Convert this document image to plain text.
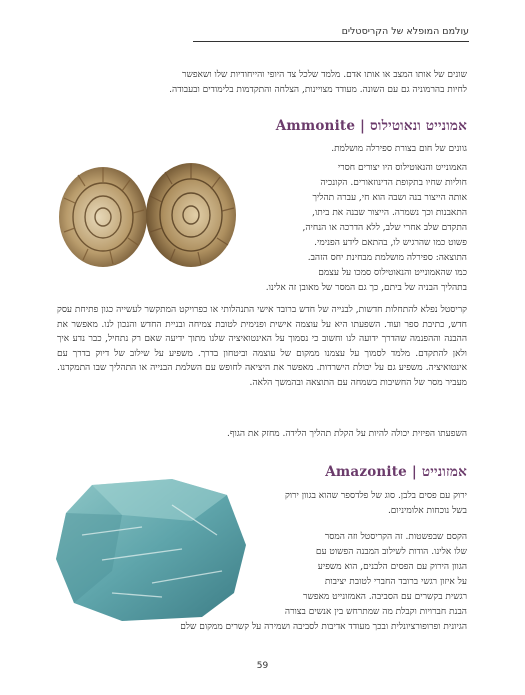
עולמם המופלא של הקריסטלים

שונים של אותו המצב או אותו אדם. מלמד שלכל צד היופי והייחודיות שלו ושאפשר

לחיות בהרמוניה גם עם השונה. מעודד מצויינות, הצלחה והתקדמות בלימודים ובעבודה.

אמונייט ונאוטילוס | Ammonite

גוונים של חום בצורת ספירלה מושלמת.

האמונייט והנאוטילוס היו יצורים חסרי

חוליות שחיו בתקופת הדינוזאורים. הקונכיה

אותה הייצור בנה ושבה הוא חי, עברה תהליך

התאבנות וכך נשמרה. הייצור שבנה את ביתו,

התקדם שלב אחרי שלב, ללא הדרכה או הנחיה,

פשוט כמו שהרגיש לו, בהתאם לידע הפנימי.

התוצאה: ספירלה מושלמת מבחינת יחס הזהב.

כמו שהאמונייט והנאוטילוס סמכו על עצמם

בתהליך הבניה של ביתם, כך גם המסר של מאובן זה אלינו.

קריסטל נפלא להתחלות חדשות, לבנייה של חדש ברובד אישי התנהלותי או כפרויקט המתקשר לעשייה כגון פתיחת עסק חדש, כתיבת ספר ועוד. השפעתו היא על עוצמה אישית ופנימית לטובת צמיחה ובניית החדש והנכון לנו. מאפשר את ההבנה וההפנמה שהדרך ידועה לנו וחשוב כי נסמוך על האינטואיציה שלנו מתוך ידיעה שאם רק נתחיל, כבר נדע איך ולאן להתקדם. מלמד לסמוך על עצמנו ממקום של עוצמה וביטחון בדרך. משפיע על שילוב של דיוק בדרך עם אינטואיציה. משפיע גם על יכולת הישרדות. מאפשר את היציאה לחופש עם השלמת הבנייה או התהליך שבו התמקדנו. מעביר מסר של החשיבות בשמחה עם התוצאה ובהמשך הלאה.

השפעתו הפיזית יכולה להיות על הקלת תהליך הלידה. מחזק את הגוף.

אמזונייט | Amazonite

ירוק עם פסים בלבן. סוג של פלדספר שהוא בגוון ירוק

בשל נוכחות אלומיניום.

הקסם שבפשטות. זה הקריסטל וזה המסר

שלו אלינו. הודות לשילוב המבנה הפשוט עם

הגוון הירוק עם הפסים הלבנים, הוא משפיע

על איזון רגשי ברובד החברי לטובת יציבות

רגשית בקשרים עם הסביבה. האמזונייט מאפשר

הבנת חברויות וקבלת מה שמתרחש בין אנשים בצורה

הגיונית ופרופורציונלית ובכך מעודד אדיבות לסביבה ושמירה על קשרים ממקום שלם

59
